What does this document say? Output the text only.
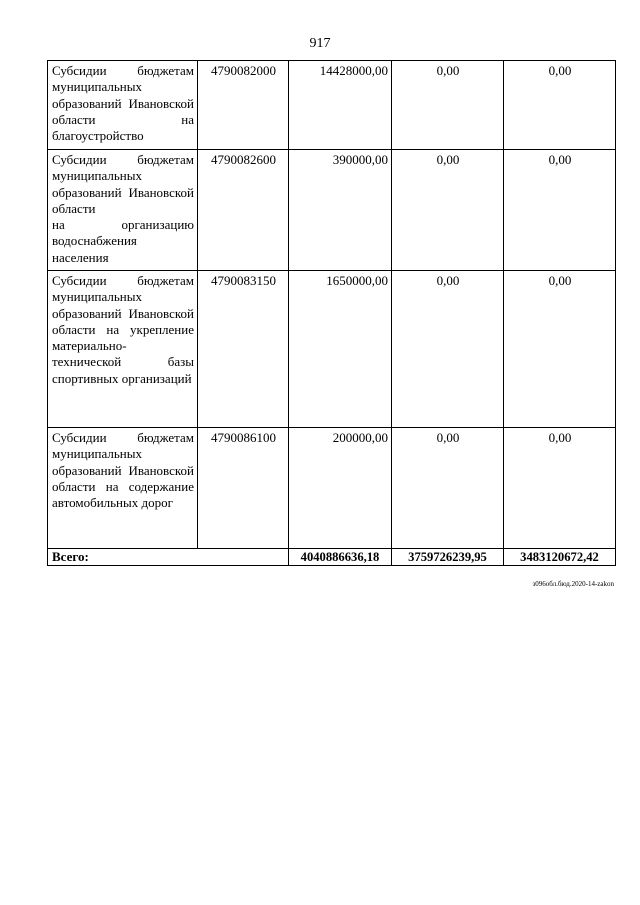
917
Субсидии бюджетам муниципальных образований Ивановской области на благоустройство	4790082000	14428000,00	0,00	0,00
Субсидии бюджетам муниципальных образований Ивановской области на          организацию водоснабжения населения	4790082600	390000,00	0,00	0,00
Субсидии бюджетам муниципальных образований Ивановской области на укрепление материально-технической базы спортивных организаций	4790083150	1650000,00	0,00	0,00
Субсидии бюджетам муниципальных образований Ивановской области на содержание автомобильных дорог	4790086100	200000,00	0,00	0,00
Всего:		4040886636,18	3759726239,95	3483120672,42
з096обл.бюд.2020-14-zakon
